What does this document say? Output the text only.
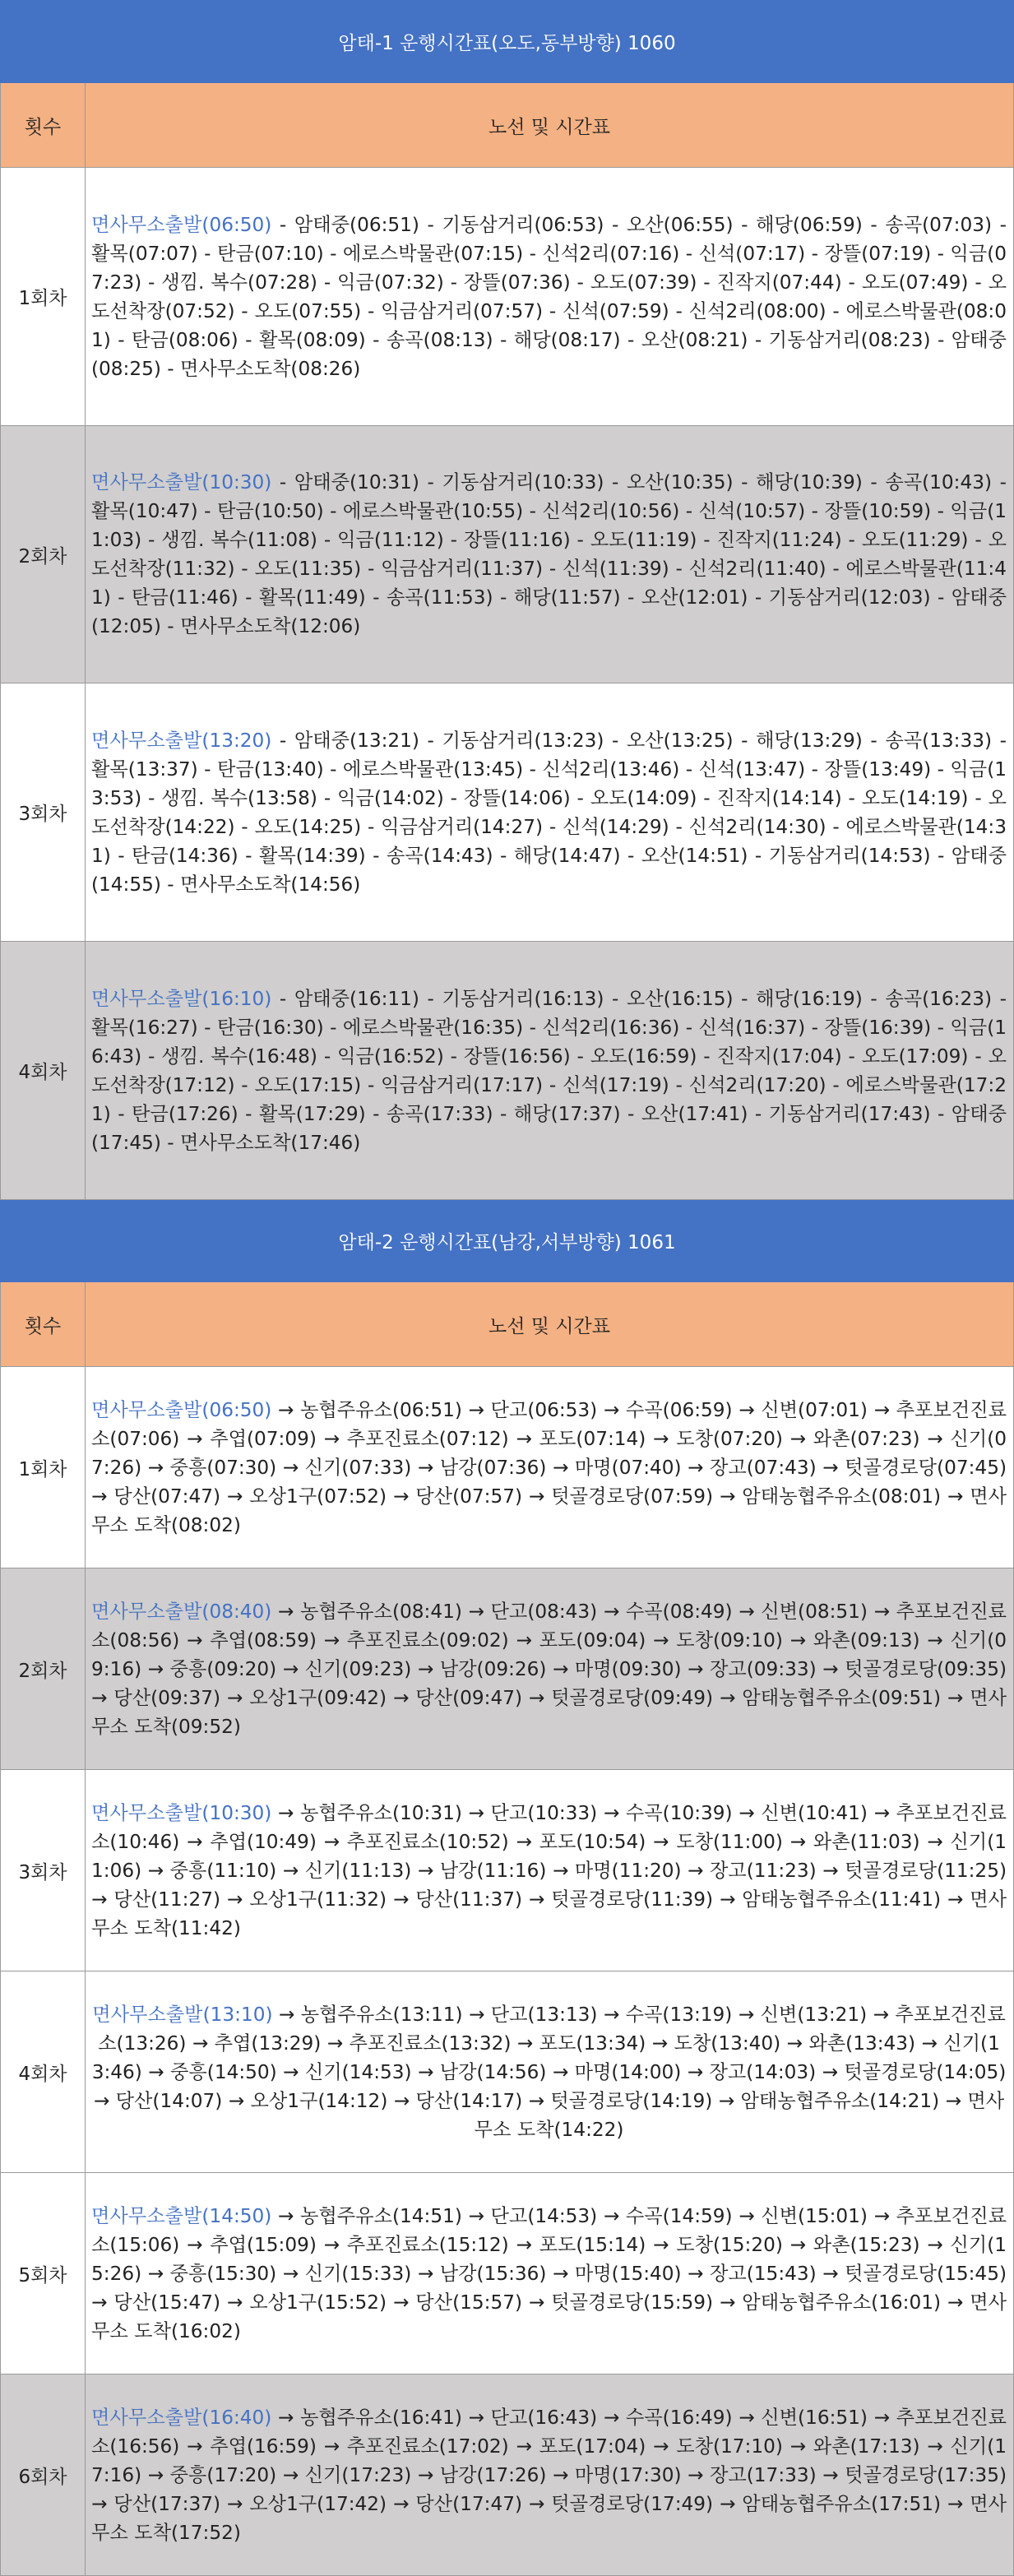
암태-1 운행시간표(오도,동부방향) 1060	
횟수	노선 및 시간표
1회차	면사무소출발(06:50) - 암태중(06:51) - 기동삼거리(06:53) - 오산(06:55) - 해당(06:59) - 송곡(07:03) - 활목(07:07) - 탄금(07:10) - 에로스박물관(07:15) - 신석2리(07:16) - 신석(07:17) - 장뜰(07:19) - 익금(07:23) - 생낌. 복수(07:28) - 익금(07:32) - 장뜰(07:36) - 오도(07:39) - 진작지(07:44) - 오도(07:49) - 오도선착장(07:52) - 오도(07:55) - 익금삼거리(07:57) - 신석(07:59) - 신석2리(08:00) - 에로스박물관(08:01) - 탄금(08:06) - 활목(08:09) - 송곡(08:13) - 해당(08:17) - 오산(08:21) - 기동삼거리(08:23) - 암태중(08:25) - 면사무소도착(08:26)
2회차	면사무소출발(10:30) - 암태중(10:31) - 기동삼거리(10:33) - 오산(10:35) - 해당(10:39) - 송곡(10:43) - 활목(10:47) - 탄금(10:50) - 에로스박물관(10:55) - 신석2리(10:56) - 신석(10:57) - 장뜰(10:59) - 익금(11:03) - 생낌. 복수(11:08) - 익금(11:12) - 장뜰(11:16) - 오도(11:19) - 진작지(11:24) - 오도(11:29) - 오도선착장(11:32) - 오도(11:35) - 익금삼거리(11:37) - 신석(11:39) - 신석2리(11:40) - 에로스박물관(11:41) - 탄금(11:46) - 활목(11:49) - 송곡(11:53) - 해당(11:57) - 오산(12:01) - 기동삼거리(12:03) - 암태중(12:05) - 면사무소도착(12:06)
3회차	면사무소출발(13:20) - 암태중(13:21) - 기동삼거리(13:23) - 오산(13:25) - 해당(13:29) - 송곡(13:33) - 활목(13:37) - 탄금(13:40) - 에로스박물관(13:45) - 신석2리(13:46) - 신석(13:47) - 장뜰(13:49) - 익금(13:53) - 생낌. 복수(13:58) - 익금(14:02) - 장뜰(14:06) - 오도(14:09) - 진작지(14:14) - 오도(14:19) - 오도선착장(14:22) - 오도(14:25) - 익금삼거리(14:27) - 신석(14:29) - 신석2리(14:30) - 에로스박물관(14:31) - 탄금(14:36) - 활목(14:39) - 송곡(14:43) - 해당(14:47) - 오산(14:51) - 기동삼거리(14:53) - 암태중(14:55) - 면사무소도착(14:56)
4회차	면사무소출발(16:10) - 암태중(16:11) - 기동삼거리(16:13) - 오산(16:15) - 해당(16:19) - 송곡(16:23) - 활목(16:27) - 탄금(16:30) - 에로스박물관(16:35) - 신석2리(16:36) - 신석(16:37) - 장뜰(16:39) - 익금(16:43) - 생낌. 복수(16:48) - 익금(16:52) - 장뜰(16:56) - 오도(16:59) - 진작지(17:04) - 오도(17:09) - 오도선착장(17:12) - 오도(17:15) - 익금삼거리(17:17) - 신석(17:19) - 신석2리(17:20) - 에로스박물관(17:21) - 탄금(17:26) - 활목(17:29) - 송곡(17:33) - 해당(17:37) - 오산(17:41) - 기동삼거리(17:43) - 암태중(17:45) - 면사무소도착(17:46)
암태-2 운행시간표(남강,서부방향) 1061	
횟수	노선 및 시간표
1회차	면사무소출발(06:50) → 농협주유소(06:51) → 단고(06:53) → 수곡(06:59) → 신변(07:01) → 추포보건진료소(07:06) → 추엽(07:09) → 추포진료소(07:12) → 포도(07:14) → 도창(07:20) → 와촌(07:23) → 신기(07:26) → 중흥(07:30) → 신기(07:33) → 남강(07:36) → 마명(07:40) → 장고(07:43) → 텃골경로당(07:45) → 당산(07:47) → 오상1구(07:52) → 당산(07:57) → 텃골경로당(07:59) → 암태농협주유소(08:01) → 면사무소 도착(08:02)
2회차	면사무소출발(08:40) → 농협주유소(08:41) → 단고(08:43) → 수곡(08:49) → 신변(08:51) → 추포보건진료소(08:56) → 추엽(08:59) → 추포진료소(09:02) → 포도(09:04) → 도창(09:10) → 와촌(09:13) → 신기(09:16) → 중흥(09:20) → 신기(09:23) → 남강(09:26) → 마명(09:30) → 장고(09:33) → 텃골경로당(09:35) → 당산(09:37) → 오상1구(09:42) → 당산(09:47) → 텃골경로당(09:49) → 암태농협주유소(09:51) → 면사무소 도착(09:52)
3회차	면사무소출발(10:30) → 농협주유소(10:31) → 단고(10:33) → 수곡(10:39) → 신변(10:41) → 추포보건진료소(10:46) → 추엽(10:49) → 추포진료소(10:52) → 포도(10:54) → 도창(11:00) → 와촌(11:03) → 신기(11:06) → 중흥(11:10) → 신기(11:13) → 남강(11:16) → 마명(11:20) → 장고(11:23) → 텃골경로당(11:25) → 당산(11:27) → 오상1구(11:32) → 당산(11:37) → 텃골경로당(11:39) → 암태농협주유소(11:41) → 면사무소 도착(11:42)
4회차	면사무소출발(13:10) → 농협주유소(13:11) → 단고(13:13) → 수곡(13:19) → 신변(13:21) → 추포보건진료소(13:26) → 추엽(13:29) → 추포진료소(13:32) → 포도(13:34) → 도창(13:40) → 와촌(13:43) → 신기(13:46) → 중흥(14:50) → 신기(14:53) → 남강(14:56) → 마명(14:00) → 장고(14:03) → 텃골경로당(14:05) → 당산(14:07) → 오상1구(14:12) → 당산(14:17) → 텃골경로당(14:19) → 암태농협주유소(14:21) → 면사무소 도착(14:22)
5회차	면사무소출발(14:50) → 농협주유소(14:51) → 단고(14:53) → 수곡(14:59) → 신변(15:01) → 추포보건진료소(15:06) → 추엽(15:09) → 추포진료소(15:12) → 포도(15:14) → 도창(15:20) → 와촌(15:23) → 신기(15:26) → 중흥(15:30) → 신기(15:33) → 남강(15:36) → 마명(15:40) → 장고(15:43) → 텃골경로당(15:45) → 당산(15:47) → 오상1구(15:52) → 당산(15:57) → 텃골경로당(15:59) → 암태농협주유소(16:01) → 면사무소 도착(16:02)
6회차	면사무소출발(16:40) → 농협주유소(16:41) → 단고(16:43) → 수곡(16:49) → 신변(16:51) → 추포보건진료소(16:56) → 추엽(16:59) → 추포진료소(17:02) → 포도(17:04) → 도창(17:10) → 와촌(17:13) → 신기(17:16) → 중흥(17:20) → 신기(17:23) → 남강(17:26) → 마명(17:30) → 장고(17:33) → 텃골경로당(17:35) → 당산(17:37) → 오상1구(17:42) → 당산(17:47) → 텃골경로당(17:49) → 암태농협주유소(17:51) → 면사무소 도착(17:52)
